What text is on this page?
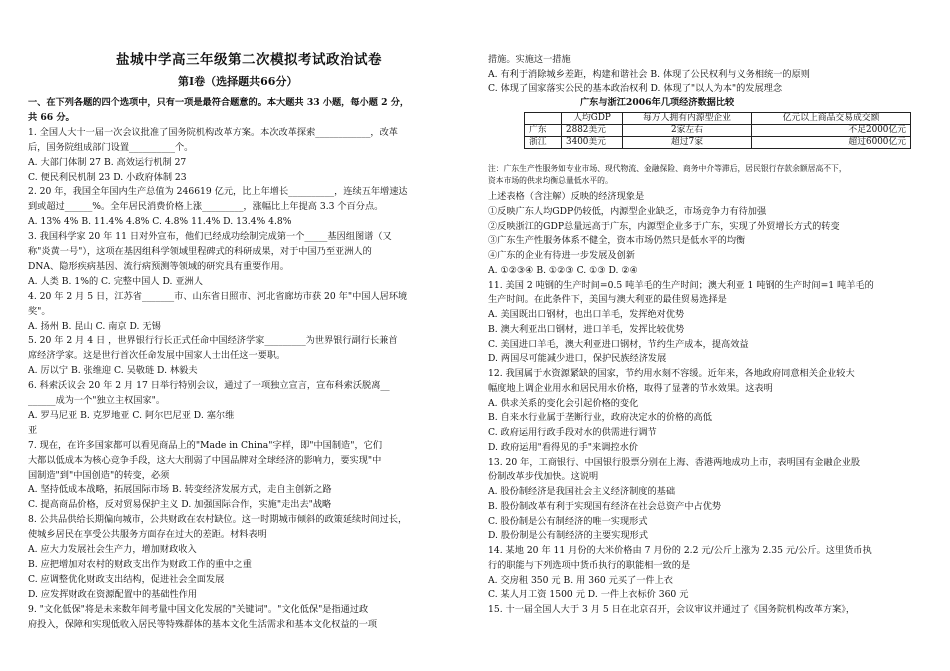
盐城中学高三年级第二次模拟考试政治试卷
第Ⅰ卷（选择题共66分）
一、在下列各题的四个选项中，只有一项是最符合题意的。本大题共 33 小题，每小题 2 分，
共 66 分。
1. 全国人大十一届一次会议批准了国务院机构改革方案。本次改革探索____________，改革
后，国务院组成部门设置__________个。
A. 大部门体制 27 B. 高效运行机制 27
C. 便民利民机制 23 D. 小政府体制 23
2. 20 年，我国全年国内生产总值为 246619 亿元，比上年增长__________，连续五年增速达
到或超过______%。全年居民消费价格上涨_________，涨幅比上年提高 3.3 个百分点。
A. 13% 4% B. 11.4% 4.8% C. 4.8% 11.4% D. 13.4% 4.8%
3. 我国科学家 20 年 11 日对外宣布，他们已经成功绘制完成第一个_____基因组图谱（又
称"炎黄一号"），这项在基因组科学领域里程碑式的科研成果，对于中国乃至亚洲人的
DNA、隐形疾病基因、流行病预测等领域的研究具有重要作用。
A. 人类 B. 1%的 C. 完整中国人 D. 亚洲人
4. 20 年 2 月 5 日，江苏省_______市、山东省日照市、河北省廊坊市获 20 年"中国人居环境
奖"。
A. 扬州 B. 昆山 C. 南京 D. 无锡
5. 20 年 2 月 4 日 ，世界银行行长正式任命中国经济学家_________为世界银行副行长兼首
席经济学家。这是世行首次任命发展中国家人士出任这一要职。
A. 厉以宁 B. 张维迎 C. 吴敬琏 D. 林毅夫
6. 科索沃议会 20 年 2 月 17 日举行特别会议，通过了一项独立宣言，宣布科索沃脱离__
______成为一个"独立主权国家"。
A. 罗马尼亚 B. 克罗地亚 C. 阿尔巴尼亚 D. 塞尔维
亚
7. 现在，在许多国家都可以看见商品上的"Made in China"字样，即"中国制造"，它们
大都以低成本为核心竞争手段，这大大削弱了中国品牌对全球经济的影响力，要实现"中
国制造"到"中国创造"的转变，必须
A. 坚持低成本战略，拓展国际市场 B. 转变经济发展方式，走自主创新之路
C. 提高商品价格，反对贸易保护主义 D. 加强国际合作，实施"走出去"战略
8. 公共品供给长期偏向城市，公共财政在农村缺位。这一时期城市倾斜的政策延续时间过长，
使城乡居民在享受公共服务方面存在过大的差距。材料表明
A. 应大力发展社会生产力，增加财政收入
B. 应把增加对农村的财政支出作为财政工作的重中之重
C. 应调整优化财政支出结构，促进社会全面发展
D. 应发挥财政在资源配置中的基础性作用
9. "文化低保"将是未来数年间考量中国文化发展的"关键词"。"文化低保"是指通过政
府投入，保障和实现低收入居民等特殊群体的基本文化生活需求和基本文化权益的一项
措施。实施这一措施
A. 有利于消除城乡差距，构建和谐社会 B. 体现了公民权利与义务相统一的原则
C. 体现了国家落实公民的基本政治权利 D. 体现了"以人为本"的发展理念
广东与浙江2006年几项经济数据比较
	人均GDP	每万人拥有内源型企业	亿元以上商品交易成交额
广东	2882美元	2家左右	不足2000亿元
浙江	3400美元	超过7家	超过6000亿元
注：广东生产性服务如专业市场、现代物流、金融保险、商务中介等滞后，居民银行存款余额居高不下，
资本市场的供求均衡总量低水平的。
上述表格（含注解）反映的经济现象是
①反映广东人均GDP仍较低，内源型企业缺乏，市场竞争力有待加强
②反映浙江的GDP总量远高于广东，内源型企业多于广东，实现了外贸增长方式的转变
③广东生产性服务体系不健全，资本市场仍然只是低水平的均衡
④广东的企业有待进一步发展及创新
A. ①②③④ B. ①②③ C. ①③ D. ②④
11. 美国 2 吨钢的生产时间=0.5 吨羊毛的生产时间；澳大利亚 1 吨钢的生产时间=1 吨羊毛的
生产时间。在此条件下，美国与澳大利亚的最佳贸易选择是
A. 美国既出口钢材，也出口羊毛，发挥绝对优势
B. 澳大利亚出口钢材，进口羊毛，发挥比较优势
C. 美国进口羊毛，澳大利亚进口钢材，节约生产成本，提高效益
D. 两国尽可能减少进口，保护民族经济发展
12. 我国属于水资源紧缺的国家，节约用水刻不容缓。近年来，各地政府同意相关企业较大
幅度地上调企业用水和居民用水价格，取得了显著的节水效果。这表明
A. 供求关系的变化会引起价格的变化
B. 自来水行业属于垄断行业，政府决定水的价格的高低
C. 政府运用行政手段对水的供需进行调节
D. 政府运用"看得见的手"来调控水价
13. 20 年，工商银行、中国银行股票分别在上海、香港两地成功上市，表明国有金融企业股
份制改革步伐加快。这说明
A. 股份制经济是我国社会主义经济制度的基础
B. 股份制改革有利于实现国有经济在社会总资产中占优势
C. 股份制是公有制经济的唯一实现形式
D. 股份制是公有制经济的主要实现形式
14. 某地 20 年 11 月份的大米价格由 7 月份的 2.2 元/公斤上涨为 2.35 元/公斤。这里货币执
行的职能与下列选项中货币执行的职能相一致的是
A. 交房租 350 元 B. 用 360 元买了一件上衣
C. 某人月工资 1500 元 D. 一件上衣标价 360 元
15. 十一届全国人大于 3 月 5 日在北京召开，会议审议并通过了《国务院机构改革方案》，
